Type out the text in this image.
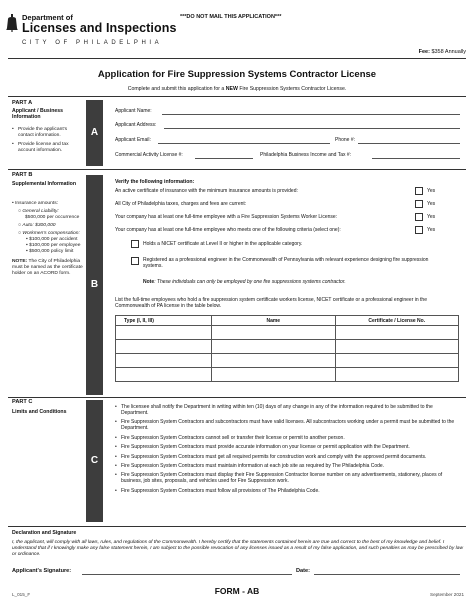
Department of
Licenses and Inspections
CITY OF PHILADELPHIA
***DO NOT MAIL THIS APPLICATION***
Fee: $358 Annually
Application for Fire Suppression Systems Contractor License
Complete and submit this application for a NEW Fire Suppression Systems Contractor License.
PART A
Applicant / Business Information
• Provide the applicant's contact information.
• Provide license and tax account information.
A
Applicant Name:
Applicant Address:
Applicant Email:	Phone #:
Commercial Activity License #:	Philadelphia Business Income and Tax #:
PART B
Supplemental Information
• Insurance amounts:
○ General Liability:
$500,000 per occurrence
○ Auto: $300,000
○ Workmen's compensation:
▪ $100,000 per accident
▪ $100,000 per employee
▪ $500,000 policy limit
NOTE: The City of Philadelphia must be named as the certificate holder on an ACORD form.
B
Verify the following information:
An active certificate of insurance with the minimum insurance amounts is provided:	Yes
All City of Philadelphia taxes, charges and fees are current:	Yes
Your company has at least one full-time employee with a Fire Suppression Systems Worker License:	Yes
Your company has at least one full-time employee who meets one of the following criteria (select one):	Yes
Holds a NICET certificate at Level II or higher in the applicable category.
Registered as a professional engineer in the Commonwealth of Pennsylvania with relevant experience designing fire suppression systems.
Note: These individuals can only be employed by one fire suppressions systems contractor.
List the full-time employees who hold a fire suppression system certificate workers license, NICET certificate or a professional engineer in the Commonwealth of PA license in the table below.
Type (I, II, III)	Name	Certificate / License No.

PART C
Limits and Conditions
C
• The licensee shall notify the Department in writing within ten (10) days of any change in any of the information required to be submitted to the Department.
• Fire Suppression System Contractors and subcontractors must have valid licenses. All subcontractors working under a permit must be submitted to the Department.
• Fire Suppression System Contractors cannot sell or transfer their license or permit to another person.
• Fire Suppression System Contractors must provide accurate information on your license or permit application with the Department.
• Fire Suppression System Contractors must get all required permits for construction work and comply with the approved permit documents.
• Fire Suppression System Contractors must maintain information at each job site as required by The Philadelphia Code.
• Fire Suppression System Contractors must display their Fire Suppression Contractor license number on any advertisements, stationery, places of business, job sites, proposals, and vehicles used for Fire Suppression work.
• Fire Suppression System Contractors must follow all provisions of The Philadelphia Code.
Declaration and Signature
I, the applicant, will comply with all laws, rules, and regulations of the Commonwealth. I hereby certify that the statements contained herein are true and correct to the best of my knowledge and belief. I understand that if I knowingly make any false statement herein, I am subject to the possible revocation of any licenses issued as a result of my false application, and such penalties as may be prescribed by law or ordinance.
Applicant's Signature:	Date:
L_015_F	FORM - AB	September 2021
